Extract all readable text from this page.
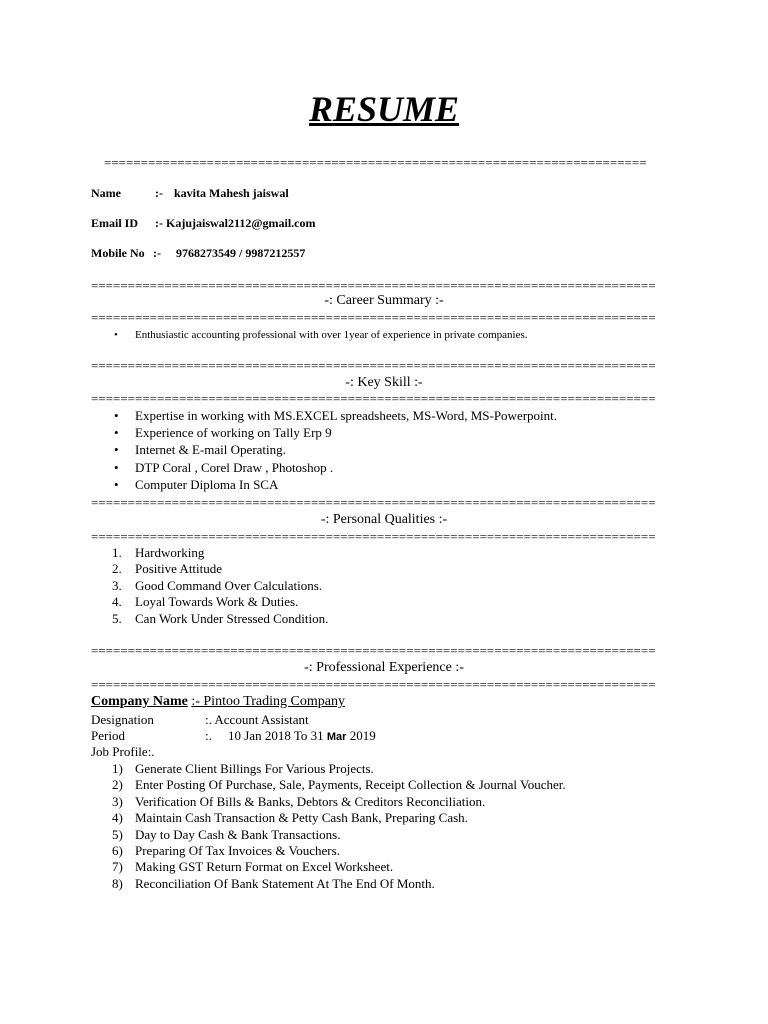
RESUME
==========================================================================
Name	:- kavita Mahesh jaiswal
Email ID :- Kajujaiswal2112@gmail.com
Mobile No :- 9768273549 / 9987212557
=============================================================================
-: Career Summary :-
=============================================================================
• Enthusiastic accounting professional with over 1year of experience in private companies.
=============================================================================
-: Key Skill :-
=============================================================================
• Expertise in working with MS.EXCEL spreadsheets, MS-Word, MS-Powerpoint.
• Experience of working on Tally Erp 9
• Internet & E-mail Operating.
• DTP Coral , Corel Draw , Photoshop .
• Computer Diploma In SCA
=============================================================================
-: Personal Qualities :-
=============================================================================
1. Hardworking
2. Positive Attitude
3. Good Command Over Calculations.
4. Loyal Towards Work & Duties.
5. Can Work Under Stressed Condition.
=============================================================================
-: Professional Experience :-
=============================================================================
Company Name :- Pintoo Trading Company
Designation	:. Account Assistant
Period	:. 10 Jan 2018 To 31 Mar 2019
Job Profile:.
1) Generate Client Billings For Various Projects.
2) Enter Posting Of Purchase, Sale, Payments, Receipt Collection & Journal Voucher.
3) Verification Of Bills & Banks, Debtors & Creditors Reconciliation.
4) Maintain Cash Transaction & Petty Cash Bank, Preparing Cash.
5) Day to Day Cash & Bank Transactions.
6) Preparing Of Tax Invoices & Vouchers.
7) Making GST Return Format on Excel Worksheet.
8) Reconciliation Of Bank Statement At The End Of Month.
